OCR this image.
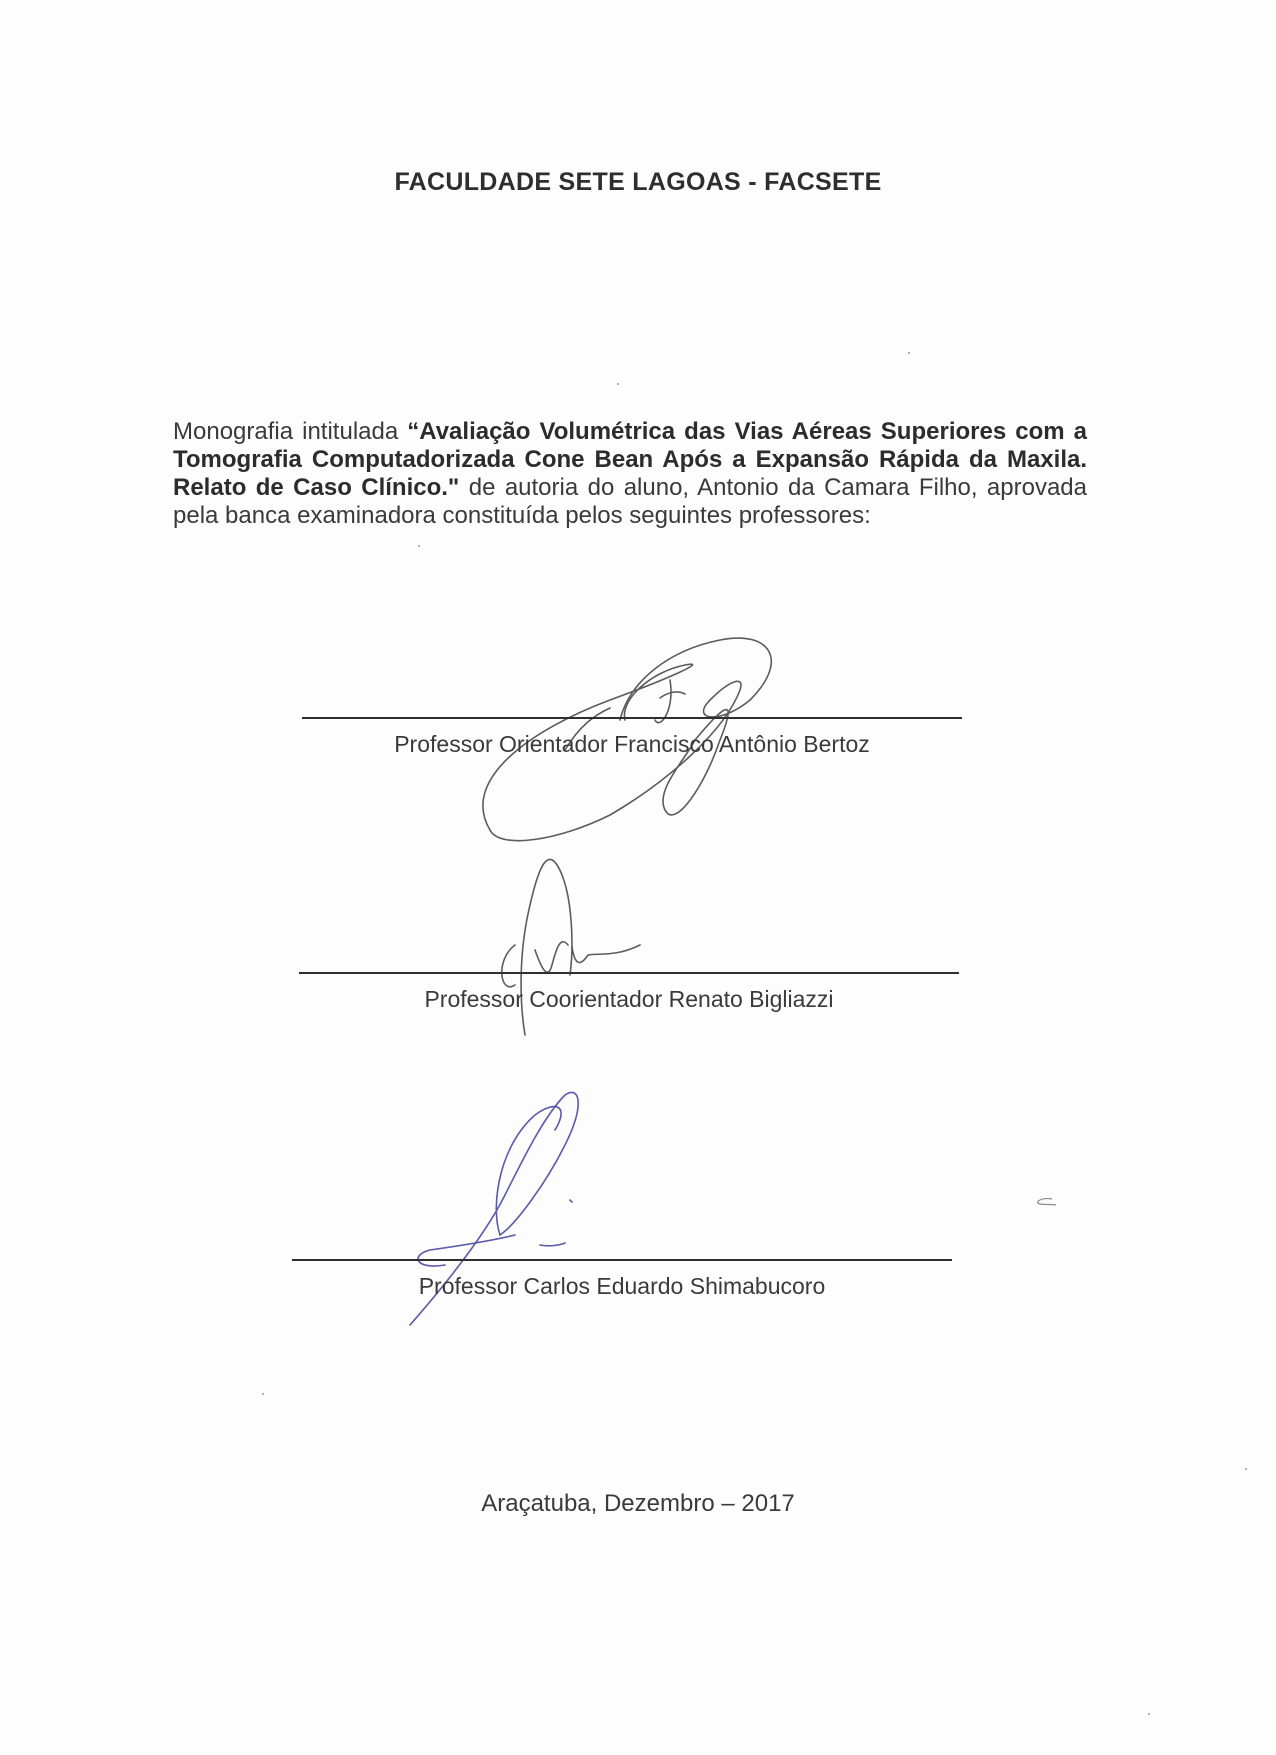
FACULDADE SETE LAGOAS - FACSETE
Monografia intitulada “Avaliação Volumétrica das Vias Aéreas Superiores com a Tomografia Computadorizada Cone Bean Após a Expansão Rápida da Maxila. Relato de Caso Clínico." de autoria do aluno, Antonio da Camara Filho, aprovada pela banca examinadora constituída pelos seguintes professores:
Professor Orientador Francisco Antônio Bertoz
Professor Coorientador Renato Bigliazzi
Professor Carlos Eduardo Shimabucoro
Araçatuba, Dezembro – 2017
